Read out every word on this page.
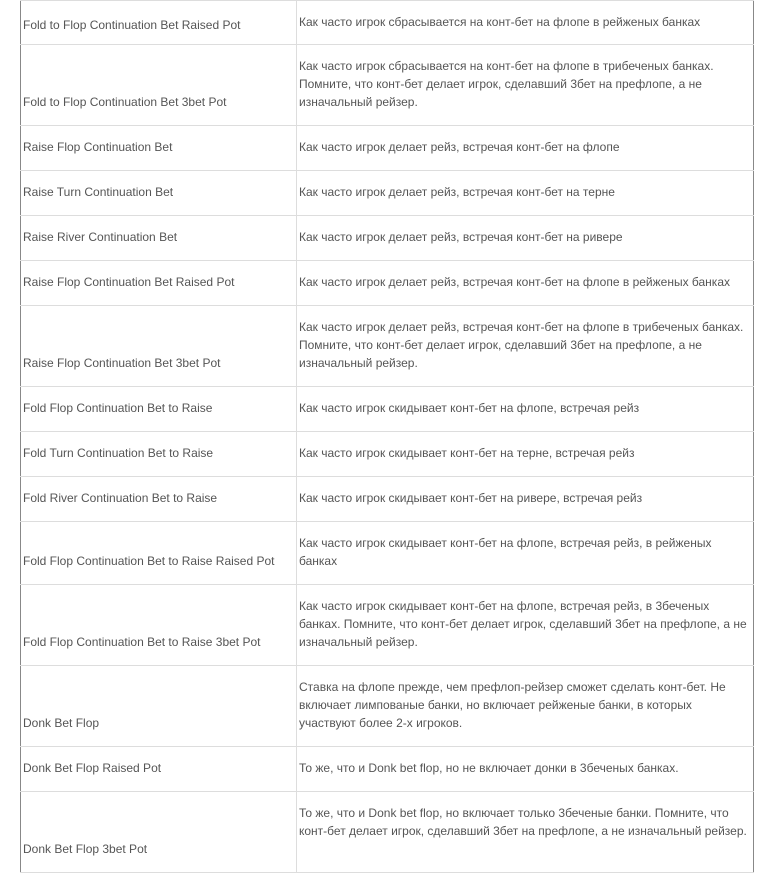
Fold to Flop Continuation Bet Raised Pot	Как часто игрок сбрасывается на конт-бет на флопе в рейженых банках
Fold to Flop Continuation Bet 3bet Pot	Как часто игрок сбрасывается на конт-бет на флопе в трибеченых банках. Помните, что конт-бет делает игрок, сделавший 3бет на префлопе, а не изначальный рейзер.
Raise Flop Continuation Bet	Как часто игрок делает рейз, встречая конт-бет на флопе
Raise Turn Continuation Bet	Как часто игрок делает рейз, встречая конт-бет на терне
Raise River Continuation Bet	Как часто игрок делает рейз, встречая конт-бет на ривере
Raise Flop Continuation Bet Raised Pot	Как часто игрок делает рейз, встречая конт-бет на флопе в рейженых банках
Raise Flop Continuation Bet 3bet Pot	Как часто игрок делает рейз, встречая конт-бет на флопе в трибеченых банках. Помните, что конт-бет делает игрок, сделавший 3бет на префлопе, а не изначальный рейзер.
Fold Flop Continuation Bet to Raise	Как часто игрок скидывает конт-бет на флопе, встречая рейз
Fold Turn Continuation Bet to Raise	Как часто игрок скидывает конт-бет на терне, встречая рейз
Fold River Continuation Bet to Raise	Как часто игрок скидывает конт-бет на ривере, встречая рейз
Fold Flop Continuation Bet to Raise Raised Pot	Как часто игрок скидывает конт-бет на флопе, встречая рейз, в рейженых банках
Fold Flop Continuation Bet to Raise 3bet Pot	Как часто игрок скидывает конт-бет на флопе, встречая рейз, в 3беченых банках. Помните, что конт-бет делает игрок, сделавший 3бет на префлопе, а не изначальный рейзер.
Donk Bet Flop	Ставка на флопе прежде, чем префлоп-рейзер сможет сделать конт-бет. Не включает лимпованые банки, но включает рейженые банки, в которых участвуют более 2-х игроков.
Donk Bet Flop Raised Pot	То же, что и Donk bet flop, но не включает донки в 3беченых банках.
Donk Bet Flop 3bet Pot	То же, что и Donk bet flop, но включает только 3беченые банки. Помните, что конт-бет делает игрок, сделавший 3бет на префлопе, а не изначальный рейзер.
